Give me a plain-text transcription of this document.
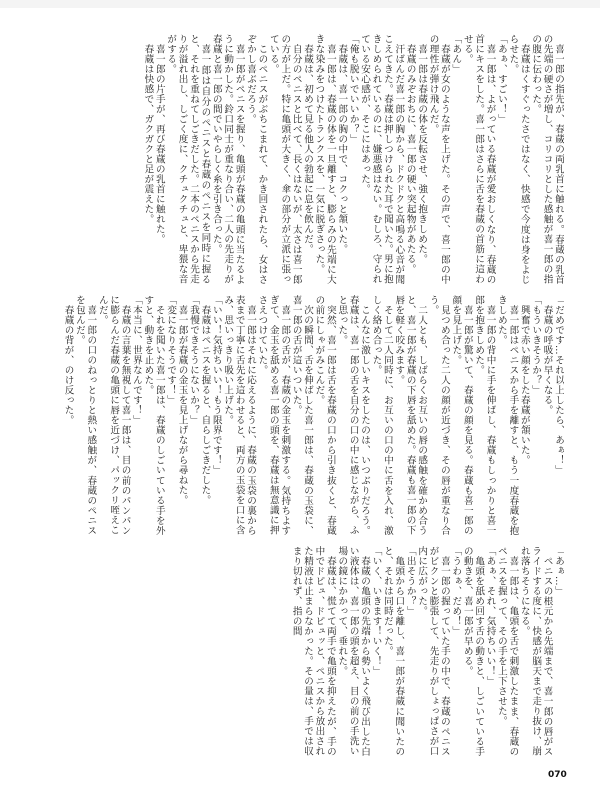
喜一郎の指先が、春蔵の両乳首に触れる。春蔵の乳首の先端の硬さが増し、コリコリとした感触が喜一郎の指の腹に伝わった。

春蔵はくすぐったさではなく、快感で今度は身をよじらせた。

「あぁ、すごい！」

喜一郎は、よがっている春蔵が愛おしくなり、春蔵の首にキスをした。喜一郎はさらに舌を春蔵の首筋に這わせる。

「あん」

春蔵が女のような声を上げた。その声で、喜一郎の中の理性が弾け飛んだ。

喜一郎は春蔵の体を反転させ、強く抱きしめた。

春蔵のみぞおちに、喜一郎の硬い突起物があたる。

汗ばんだ喜一郎の胸から、ドクドクと高鳴る心音が聞こえてきた。春蔵は押しつけられた耳で聞いた。男に抱きしめられているのに、嫌悪感はない。むしろ、守られている安心感が、そこにはあった。

「俺も脱いでいいか？」

春蔵は、喜一郎の胸の中で、コクっと頷いた。

喜一郎は、春蔵の体を一旦離すと、膨らみの先端に大きな染みをつけたトランクスを、一気に脱ぎさった。

春蔵は、初めて見る他人の勃起に息を飲んだ。

自分のペニスと比べて、長くはないが、太さは喜一郎の方が上だ。特に亀頭が大きく、傘の部分が立派に張っている。

このペニスがぶちこまれて、かき回されたら、女はさぞかし喜ぶだろう。

喜一郎がペニスを握り、亀頭が春蔵の亀頭に当たるように動かした。鈴口同士が重なり合い、二人の先走りが春蔵と喜一郎の間でいやらしく糸を引き合った。

喜一郎は自分のペニスと春蔵のペニスを同時に握ると、それを重ねてしごきだした。二本のペニスから先走りが溢れ出し、しごく度に、クチュクチュと、卑猥な音がする。

喜一郎の片手が、再び春蔵の乳首に触れた。

春蔵は快感で、ガクガクと足が震えた。

「だめです…それ以上したら、あぁ！」

春蔵の呼吸が早くなる。

「もういきそうか？」

興奮で赤い顔をした春蔵が頷いた。

喜一郎はペニスから手を離すと、もう一度春蔵を抱きしめた。

喜一郎の背中に手を伸ばし、春蔵もしっかりと喜一郎を抱きしめた。

喜一郎が驚いて、春蔵の顔を見る。春蔵も喜一郎の顔を見上げた。

見つめ合った二人の顔が近づき、その唇が重なり合う。

二人とも、しばらくお互いの唇の感触を確かめ合うと、喜一郎が春蔵の下唇を舐めた。春蔵も喜一郎の下唇を軽く咬みます。

そして二人同時に、お互いの口の中に舌を入れ、激しく絡め合った。

こんなに激しいキスをしたのは、いつぶりだろう。春蔵は、喜一郎の舌を自分の口の中に感じながら、ふと思った。

突然、喜一郎は舌を春蔵の口から引き抜くと、春蔵の前にしゃがみこんだ。

次の瞬間、舌を伸ばした喜一郎は、春蔵の玉袋に、喜一郎の舌が這いついた。

喜一郎の舌が、春蔵の金玉を刺激する。気持ちよすぎて、金玉を舐める喜一郎の頭を、春蔵は無意識に押さえつけていた。

喜一郎はそれに応えるように、春蔵の玉袋の裏から表まで丁寧に舌先を這わせると、両方の玉袋を口に含み、思いっきり吸い上げた。

「いい！気持ちいい！もう限界です！」

春蔵はペニスを握ると、自らしごきだした。

「我慢できそうにないか？」

喜一郎が春蔵の金玉を見上げながら尋ねた。

「変になりそうです！」

それを聞いた喜一郎は、春蔵のしごいている手を外すと、動きを止めた。

「本当に、世界なんです！」

春蔵の言葉を無視して喜一郎は、目の前のパンパンに膨らんだ春蔵の亀頭に唇を近づけ、パックリ咥えこんだ。

喜一郎の口のねっとりと熱い感触が、春蔵のペニスを包んだ。

春蔵の背が、のけ反った。

「あぁ…」

ペニスの根元から先端まで、喜一郎の唇がスライドする度に、快感が脳天まで走り抜け、崩れ落ちそうになる。

喜一郎は、亀頭を舌で刺激したまま、春蔵のペニスを握って、その手を上下させた。

「あぁ、それ、気持ちいい！」

亀頭を舐め回す舌の動きと、しごいている手の動きを、喜一郎が早める。

「うわぁ、だめ！」

喜一郎の握っていた手の中で、春蔵のペニスがビクンと膨張して、先走りがしょっぱさが口内に広がった。

「出そうか？」

亀頭から口を離し、喜一郎が春蔵に聞いたのと、それは同時だった。

「いく、いきます！いく！」

春蔵の亀頭の先端から勢いよく飛び出した白い液体は、喜一郎の頭を超え、目の前の手洗い場の鏡にかかって、垂れた。

春蔵は、慌てて両手で亀頭を抑えたが、手の中でドピュ、ドピュッと、ペニスから放出された精液は止まらなかった。その量は、手では収まり切れず、指の間

070
